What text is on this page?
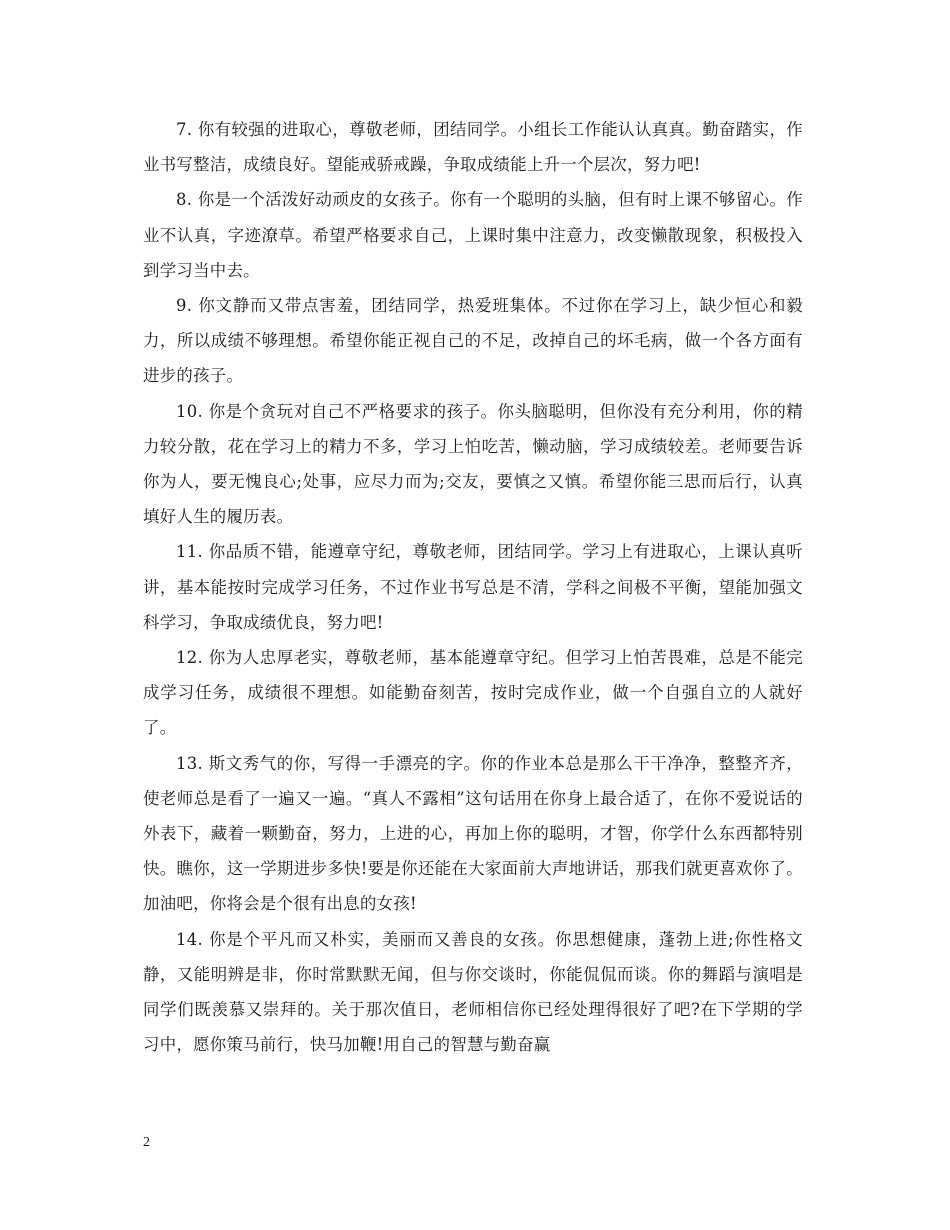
7. 你有较强的进取心，尊敬老师，团结同学。小组长工作能认认真真。勤奋踏实，作业书写整洁，成绩良好。望能戒骄戒躁，争取成绩能上升一个层次，努力吧!

8. 你是一个活泼好动顽皮的女孩子。你有一个聪明的头脑，但有时上课不够留心。作业不认真，字迹潦草。希望严格要求自己，上课时集中注意力，改变懒散现象，积极投入到学习当中去。

9. 你文静而又带点害羞，团结同学，热爱班集体。不过你在学习上，缺少恒心和毅力，所以成绩不够理想。希望你能正视自己的不足，改掉自己的坏毛病，做一个各方面有进步的孩子。

10. 你是个贪玩对自己不严格要求的孩子。你头脑聪明，但你没有充分利用，你的精力较分散，花在学习上的精力不多，学习上怕吃苦，懒动脑，学习成绩较差。老师要告诉你为人，要无愧良心;处事，应尽力而为;交友，要慎之又慎。希望你能三思而后行，认真填好人生的履历表。

11. 你品质不错，能遵章守纪，尊敬老师，团结同学。学习上有进取心，上课认真听讲，基本能按时完成学习任务，不过作业书写总是不清，学科之间极不平衡，望能加强文科学习，争取成绩优良，努力吧!

12. 你为人忠厚老实，尊敬老师，基本能遵章守纪。但学习上怕苦畏难，总是不能完成学习任务，成绩很不理想。如能勤奋刻苦，按时完成作业，做一个自强自立的人就好了。

13. 斯文秀气的你，写得一手漂亮的字。你的作业本总是那么干干净净，整整齐齐，使老师总是看了一遍又一遍。“真人不露相”这句话用在你身上最合适了，在你不爱说话的外表下，藏着一颗勤奋，努力，上进的心，再加上你的聪明，才智，你学什么东西都特别快。瞧你，这一学期进步多快!要是你还能在大家面前大声地讲话，那我们就更喜欢你了。加油吧，你将会是个很有出息的女孩!

14. 你是个平凡而又朴实，美丽而又善良的女孩。你思想健康，蓬勃上进;你性格文静，又能明辨是非，你时常默默无闻，但与你交谈时，你能侃侃而谈。你的舞蹈与演唱是同学们既羡慕又崇拜的。关于那次值日，老师相信你已经处理得很好了吧?在下学期的学习中，愿你策马前行，快马加鞭!用自己的智慧与勤奋赢

2
